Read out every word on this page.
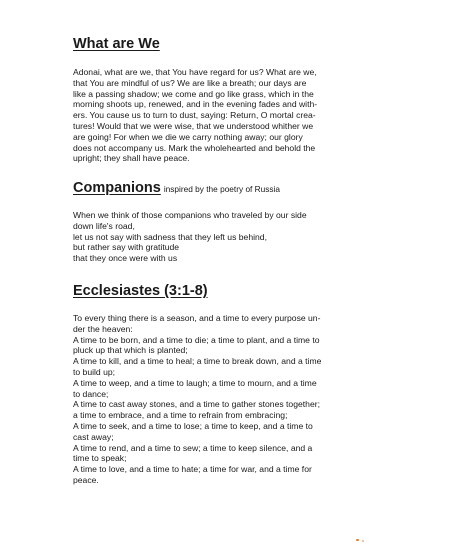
What are We
Adonai, what are we, that You have regard for us? What are we,
that You are mindful of us? We are like a breath; our days are
like a passing shadow; we come and go like grass, which in the
morning shoots up, renewed, and in the evening fades and with-
ers. You cause us to turn to dust, saying: Return, O mortal crea-
tures! Would that we were wise, that we understood whither we
are going! For when we die we carry nothing away; our glory
does not accompany us. Mark the wholehearted and behold the
upright; they shall have peace.
Companions inspired by the poetry of Russia
When we think of those companions who traveled by our side
down life's road,
let us not say with sadness that they left us behind,
but rather say with gratitude
that they once were with us
Ecclesiastes (3:1-8)
To every thing there is a season, and a time to every purpose un-
der the heaven:
A time to be born, and a time to die; a time to plant, and a time to
pluck up that which is planted;
A time to kill, and a time to heal; a time to break down, and a time
to build up;
A time to weep, and a time to laugh; a time to mourn, and a time
to dance;
A time to cast away stones, and a time to gather stones together;
a time to embrace, and a time to refrain from embracing;
A time to seek, and a time to lose; a time to keep, and a time to
cast away;
A time to rend, and a time to sew; a time to keep silence, and a
time to speak;
A time to love, and a time to hate; a time for war, and a time for
peace.
